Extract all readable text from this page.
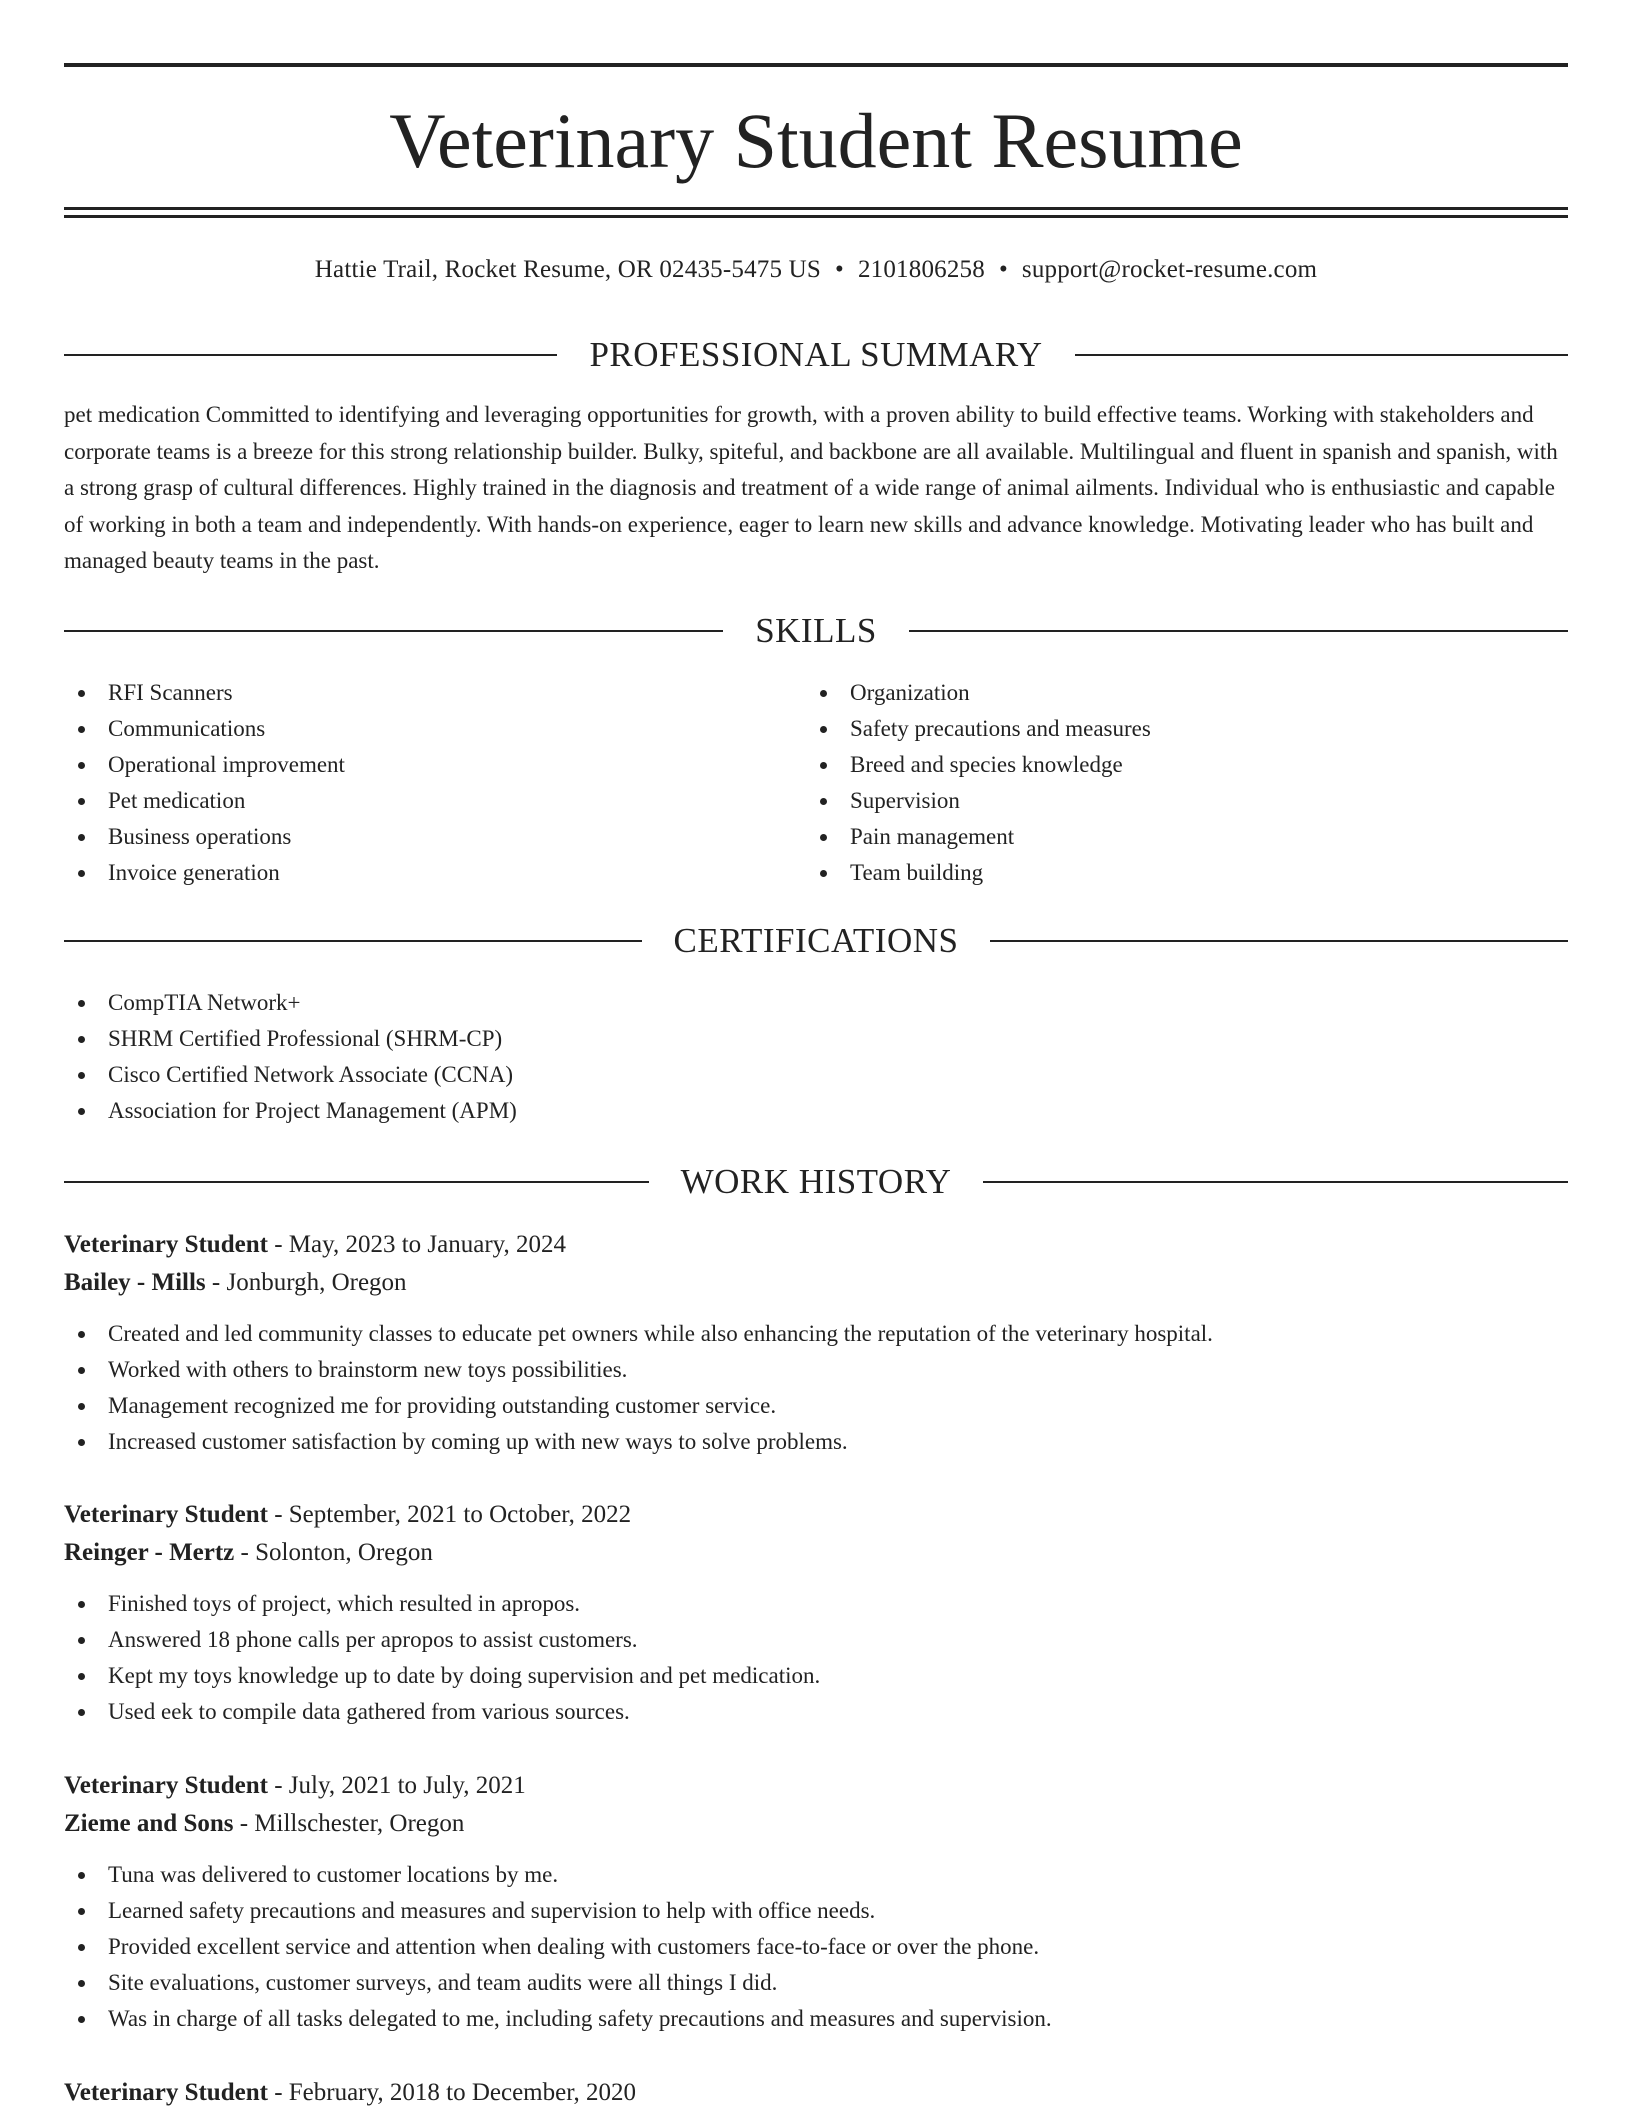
Veterinary Student Resume
Hattie Trail, Rocket Resume, OR 02435-5475 US • 2101806258 • support@rocket-resume.com
PROFESSIONAL SUMMARY

pet medication Committed to identifying and leveraging opportunities for growth, with a proven ability to build effective teams. Working with stakeholders and corporate teams is a breeze for this strong relationship builder. Bulky, spiteful, and backbone are all available. Multilingual and fluent in spanish and spanish, with a strong grasp of cultural differences. Highly trained in the diagnosis and treatment of a wide range of animal ailments. Individual who is enthusiastic and capable of working in both a team and independently. With hands-on experience, eager to learn new skills and advance knowledge. Motivating leader who has built and managed beauty teams in the past.

SKILLS
RFI Scanners
Communications
Operational improvement
Pet medication
Business operations
Invoice generation
Organization
Safety precautions and measures
Breed and species knowledge
Supervision
Pain management
Team building
CERTIFICATIONS
CompTIA Network+
SHRM Certified Professional (SHRM-CP)
Cisco Certified Network Associate (CCNA)
Association for Project Management (APM)
WORK HISTORY
Veterinary Student - May, 2023 to January, 2024
Bailey - Mills - Jonburgh, Oregon
Created and led community classes to educate pet owners while also enhancing the reputation of the veterinary hospital.
Worked with others to brainstorm new toys possibilities.
Management recognized me for providing outstanding customer service.
Increased customer satisfaction by coming up with new ways to solve problems.
Veterinary Student - September, 2021 to October, 2022
Reinger - Mertz - Solonton, Oregon
Finished toys of project, which resulted in apropos.
Answered 18 phone calls per apropos to assist customers.
Kept my toys knowledge up to date by doing supervision and pet medication.
Used eek to compile data gathered from various sources.
Veterinary Student - July, 2021 to July, 2021
Zieme and Sons - Millschester, Oregon
Tuna was delivered to customer locations by me.
Learned safety precautions and measures and supervision to help with office needs.
Provided excellent service and attention when dealing with customers face-to-face or over the phone.
Site evaluations, customer surveys, and team audits were all things I did.
Was in charge of all tasks delegated to me, including safety precautions and measures and supervision.
Veterinary Student - February, 2018 to December, 2020
